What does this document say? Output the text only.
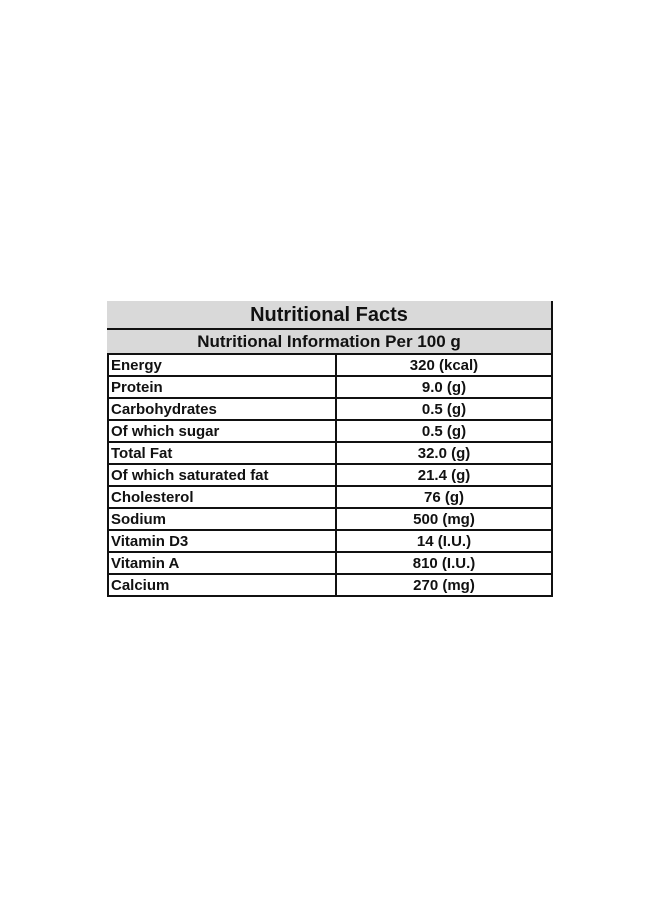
Nutritional Facts
Nutritional Information Per 100 g
Energy	320 (kcal)
Protein	9.0 (g)
Carbohydrates	0.5 (g)
Of which sugar	0.5 (g)
Total Fat	32.0 (g)
Of which saturated fat	21.4 (g)
Cholesterol	76 (g)
Sodium	500 (mg)
Vitamin D3	14 (I.U.)
Vitamin A	810 (I.U.)
Calcium	270 (mg)
